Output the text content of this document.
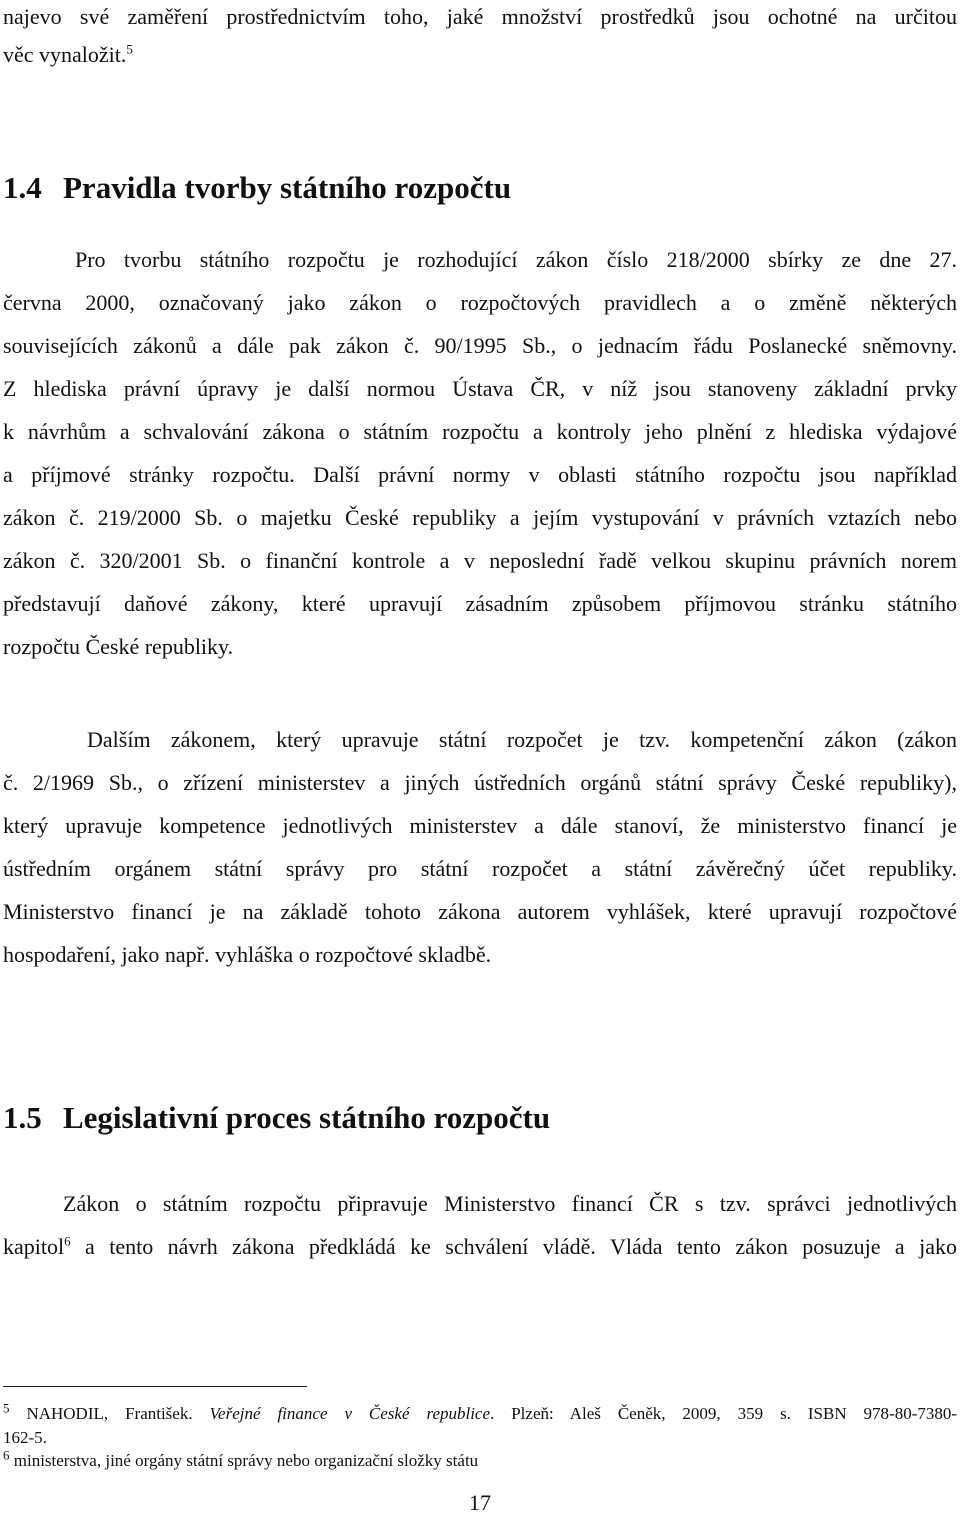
najevo své zaměření prostřednictvím toho, jaké množství prostředků jsou ochotné na určitou
věc vynaložit.$^5$
1.4 Pravidla tvorby státního rozpočtu
Pro tvorbu státního rozpočtu je rozhodující zákon číslo 218/2000 sbírky ze dne 27.
června 2000, označovaný jako zákon o rozpočtových pravidlech a o změně některých
souvisejících zákonů a dále pak zákon č. 90/1995 Sb., o jednacím řádu Poslanecké sněmovny.
Z hlediska právní úpravy je další normou Ústava ČR, v níž jsou stanoveny základní prvky
k návrhům a schvalování zákona o státním rozpočtu a kontroly jeho plnění z hlediska výdajové
a příjmové stránky rozpočtu. Další právní normy v oblasti státního rozpočtu jsou například
zákon č. 219/2000 Sb. o majetku České republiky a jejím vystupování v právních vztazích nebo
zákon č. 320/2001 Sb. o finanční kontrole a v neposlední řadě velkou skupinu právních norem
představují daňové zákony, které upravují zásadním způsobem příjmovou stránku státního
rozpočtu České republiky.
Dalším zákonem, který upravuje státní rozpočet je tzv. kompetenční zákon (zákon
č. 2/1969 Sb., o zřízení ministerstev a jiných ústředních orgánů státní správy České republiky),
který upravuje kompetence jednotlivých ministerstev a dále stanoví, že ministerstvo financí je
ústředním orgánem státní správy pro státní rozpočet a státní závěrečný účet republiky.
Ministerstvo financí je na základě tohoto zákona autorem vyhlášek, které upravují rozpočtové
hospodaření, jako např. vyhláška o rozpočtové skladbě.
1.5 Legislativní proces státního rozpočtu
Zákon o státním rozpočtu připravuje Ministerstvo financí ČR s tzv. správci jednotlivých
kapitol$^6$ a tento návrh zákona předkládá ke schválení vládě. Vláda tento zákon posuzuje a jako
$^5$ NAHODIL, František. Veřejné finance v České republice. Plzeň: Aleš Čeněk, 2009, 359 s. ISBN 978-80-7380-
162-5.
$^6$ ministerstva, jiné orgány státní správy nebo organizační složky státu
17
